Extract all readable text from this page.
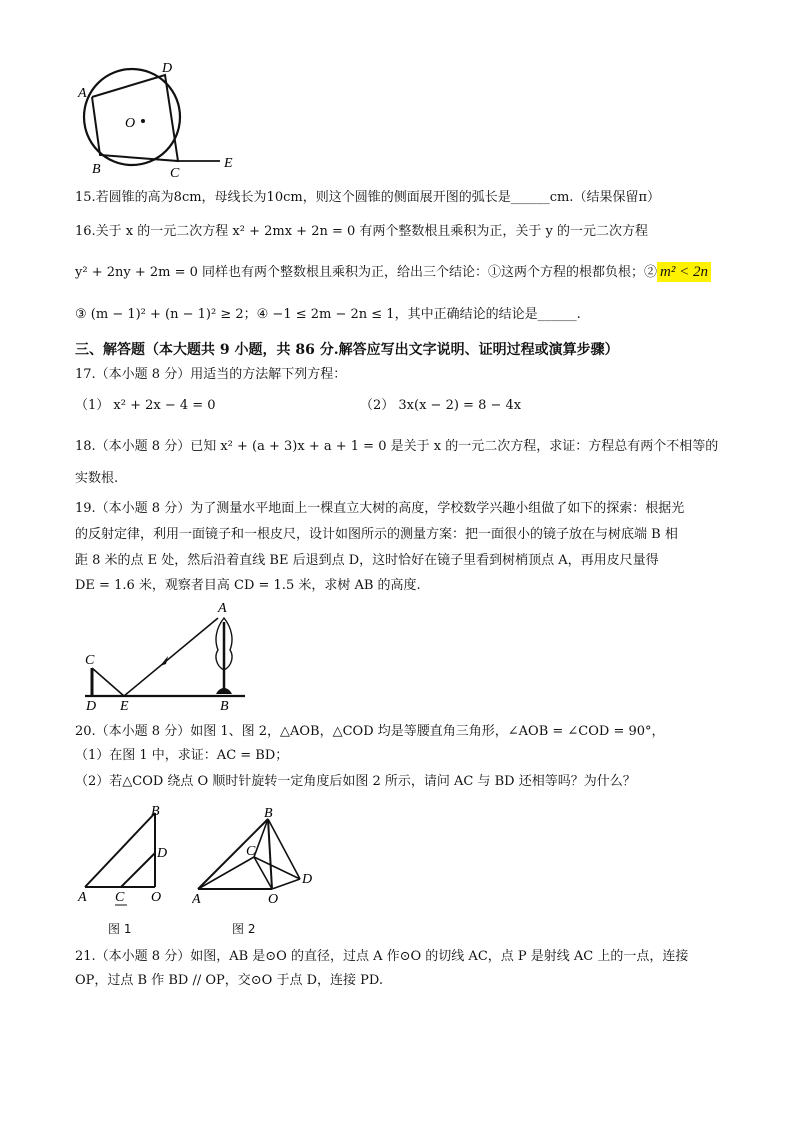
A
D
O
B	C
E
15.若圆锥的高为8cm，母线长为10cm，则这个圆锥的侧面展开图的弧长是______cm.（结果保留π）
16.关于 x 的一元二次方程 x² + 2mx + 2n = 0 有两个整数根且乘积为正，关于 y 的一元二次方程
y² + 2ny + 2m = 0 同样也有两个整数根且乘积为正，给出三个结论：①这两个方程的根都负根；② m² < 2n
③ (m − 1)² + (n − 1)² ≥ 2；④ −1 ≤ 2m − 2n ≤ 1，其中正确结论的结论是______.
三、解答题（本大题共 9 小题，共 86 分.解答应写出文字说明、证明过程或演算步骤）
17.（本小题 8 分）用适当的方法解下列方程：
（1） x² + 2x − 4 = 0	（2） 3x(x − 2) = 8 − 4x
18.（本小题 8 分）已知 x² + (a + 3)x + a + 1 = 0 是关于 x 的一元二次方程，求证：方程总有两个不相等的
实数根.
19.（本小题 8 分）为了测量水平地面上一棵直立大树的高度，学校数学兴趣小组做了如下的探索：根据光
的反射定律，利用一面镜子和一根皮尺，设计如图所示的测量方案：把一面很小的镜子放在与树底端 B 相
距 8 米的点 E 处，然后沿着直线 BE 后退到点 D，这时恰好在镜子里看到树梢顶点 A，再用皮尺量得
DE = 1.6 米，观察者目高 CD = 1.5 米，求树 AB 的高度.
A
C
D E	B
20.（本小题 8 分）如图 1、图 2，△AOB，△COD 均是等腰直角三角形，∠AOB = ∠COD = 90°，
（1）在图 1 中，求证：AC = BD；
（2）若△COD 绕点 O 顺时针旋转一定角度后如图 2 所示，请问 AC 与 BD 还相等吗？为什么？
B
D
A C O
图 1
B
C
D
A	O
图 2
21.（本小题 8 分）如图，AB 是⊙O 的直径，过点 A 作⊙O 的切线 AC，点 P 是射线 AC 上的一点，连接
OP，过点 B 作 BD // OP，交⊙O 于点 D，连接 PD.
